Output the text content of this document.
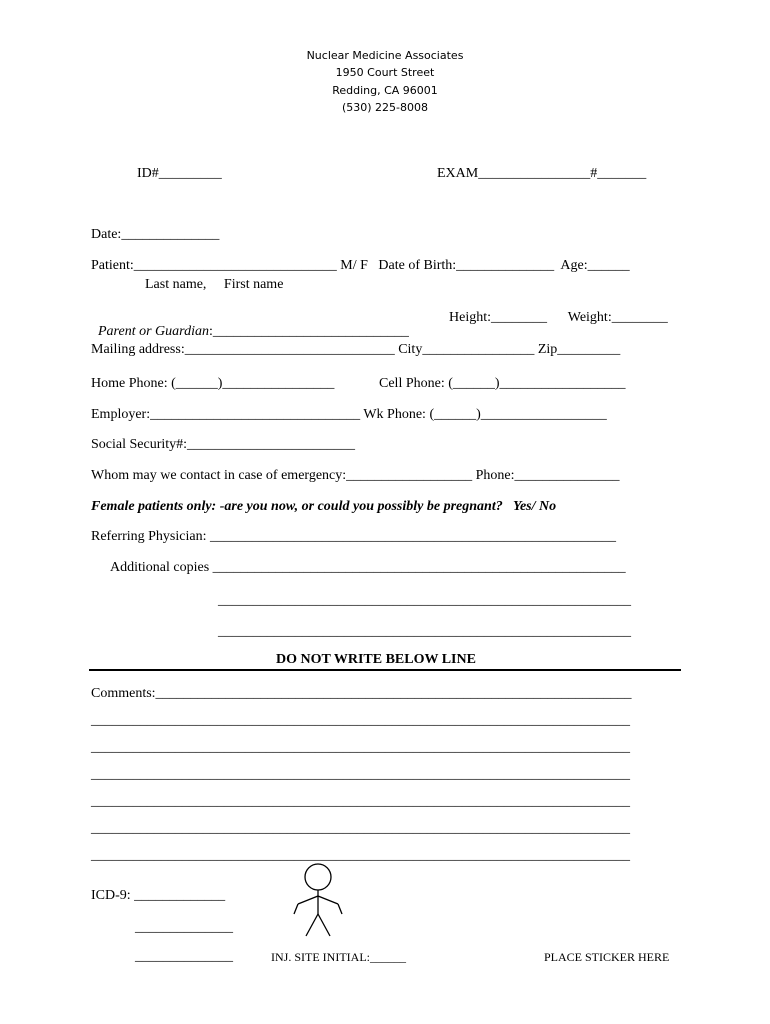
Nuclear Medicine Associates
1950 Court Street
Redding, CA 96001
(530) 225-8008
ID#_________	EXAM________________#_______
Date:______________
Patient:_____________________________ M/ F   Date of Birth:______________  Age:______
Last name,     First name

Parent or Guardian:____________________________

Height:________      Weight:________
Mailing address:______________________________ City________________ Zip_________
Home Phone: (______)________________	Cell Phone: (______)__________________
Employer:______________________________ Wk Phone: (______)__________________
Social Security#:________________________
Whom may we contact in case of emergency:__________________ Phone:_______________
Female patients only: -are you now, or could you possibly be pregnant?   Yes/ No
Referring Physician: __________________________________________________________
Additional copies ___________________________________________________________
___________________________________________________________
___________________________________________________________
DO NOT WRITE BELOW LINE
Comments:____________________________________________________________________
_____________________________________________________________________________
_____________________________________________________________________________
_____________________________________________________________________________
_____________________________________________________________________________
_____________________________________________________________________________
_____________________________________________________________________________
ICD-9: _____________
______________
______________	INJ. SITE INITIAL:______	PLACE STICKER HERE
